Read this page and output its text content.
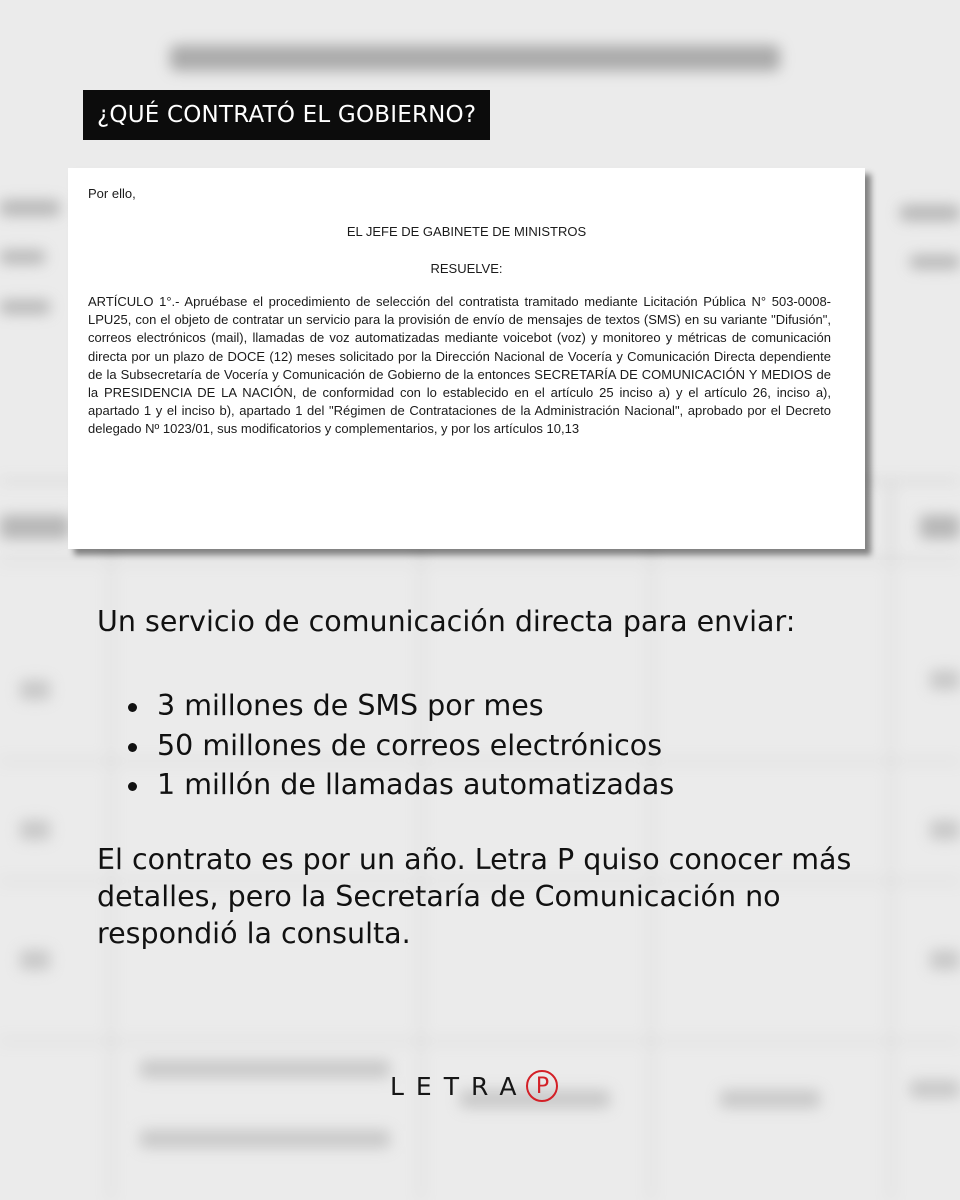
¿QUÉ CONTRATÓ EL GOBIERNO?
Por ello,
EL JEFE DE GABINETE DE MINISTROS
RESUELVE:

ARTÍCULO 1°.- Apruébase el procedimiento de selección del contratista tramitado mediante Licitación Pública N° 503-0008-LPU25, con el objeto de contratar un servicio para la provisión de envío de mensajes de textos (SMS) en su variante "Difusión", correos electrónicos (mail), llamadas de voz automatizadas mediante voicebot (voz) y monitoreo y métricas de comunicación directa por un plazo de DOCE (12) meses solicitado por la Dirección Nacional de Vocería y Comunicación Directa dependiente de la Subsecretaría de Vocería y Comunicación de Gobierno de la entonces SECRETARÍA DE COMUNICACIÓN Y MEDIOS de la PRESIDENCIA DE LA NACIÓN, de conformidad con lo establecido en el artículo 25 inciso a) y el artículo 26, inciso a), apartado 1 y el inciso b), apartado 1 del "Régimen de Contrataciones de la Administración Nacional", aprobado por el Decreto delegado Nº 1023/01, sus modificatorios y complementarios, y por los artículos 10,13

Un servicio de comunicación directa para enviar:

3 millones de SMS por mes
50 millones de correos electrónicos
1 millón de llamadas automatizadas

El contrato es por un año. Letra P quiso conocer más detalles, pero la Secretaría de Comunicación no respondió la consulta.

LETRA P
